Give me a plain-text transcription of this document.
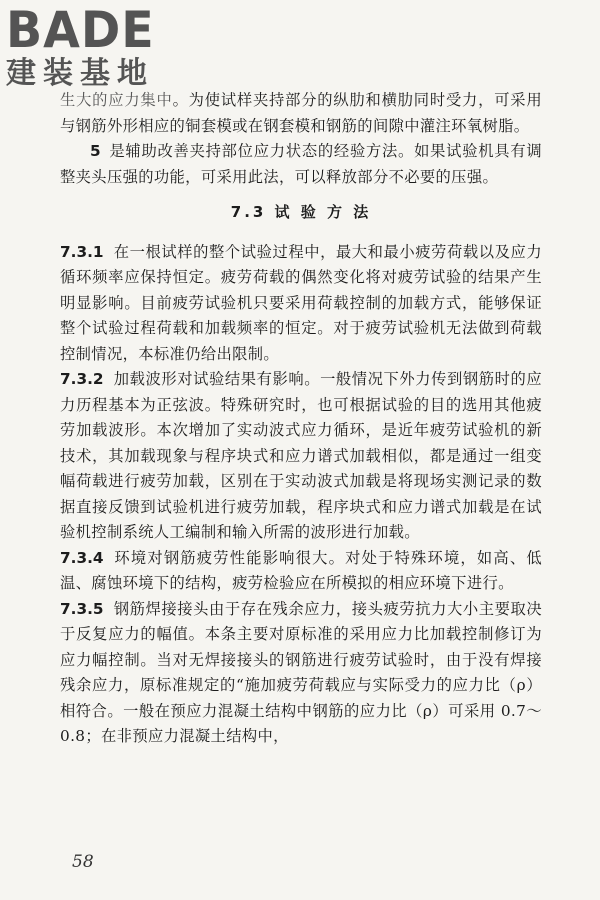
BADE
建装基地

生大的应力集中。为使试样夹持部分的纵肋和横肋同时受力，可采用与钢筋外形相应的铜套模或在钢套模和钢筋的间隙中灌注环氧树脂。

5 是辅助改善夹持部位应力状态的经验方法。如果试验机具有调整夹头压强的功能，可采用此法，可以释放部分不必要的压强。

7.3 试 验 方 法

7.3.1 在一根试样的整个试验过程中，最大和最小疲劳荷载以及应力循环频率应保持恒定。疲劳荷载的偶然变化将对疲劳试验的结果产生明显影响。目前疲劳试验机只要采用荷载控制的加载方式，能够保证整个试验过程荷载和加载频率的恒定。对于疲劳试验机无法做到荷载控制情况，本标准仍给出限制。

7.3.2 加载波形对试验结果有影响。一般情况下外力传到钢筋时的应力历程基本为正弦波。特殊研究时，也可根据试验的目的选用其他疲劳加载波形。本次增加了实动波式应力循环，是近年疲劳试验机的新技术，其加载现象与程序块式和应力谱式加载相似，都是通过一组变幅荷载进行疲劳加载，区别在于实动波式加载是将现场实测记录的数据直接反馈到试验机进行疲劳加载，程序块式和应力谱式加载是在试验机控制系统人工编制和输入所需的波形进行加载。

7.3.4 环境对钢筋疲劳性能影响很大。对处于特殊环境，如高、低温、腐蚀环境下的结构，疲劳检验应在所模拟的相应环境下进行。

7.3.5 钢筋焊接接头由于存在残余应力，接头疲劳抗力大小主要取决于反复应力的幅值。本条主要对原标准的采用应力比加载控制修订为应力幅控制。当对无焊接接头的钢筋进行疲劳试验时，由于没有焊接残余应力，原标准规定的“施加疲劳荷载应与实际受力的应力比（ρ）相符合。一般在预应力混凝土结构中钢筋的应力比（ρ）可采用 0.7～0.8；在非预应力混凝土结构中，

58
